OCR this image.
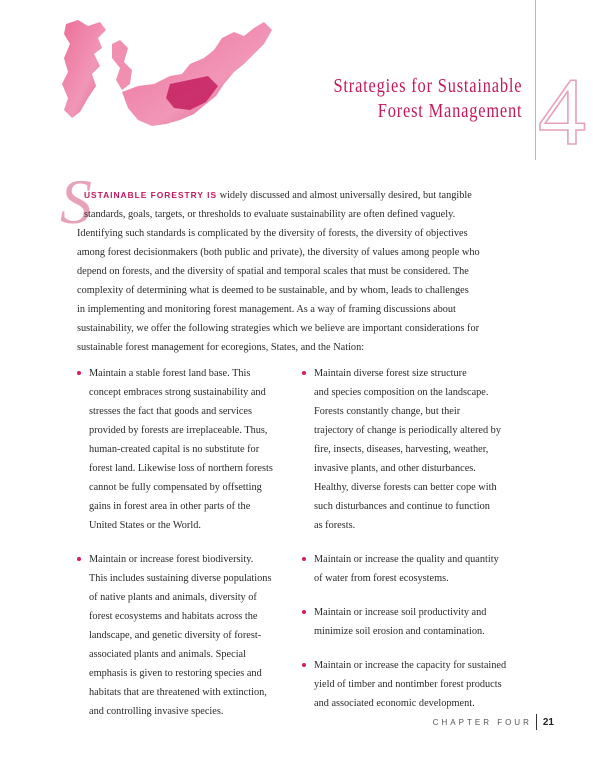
Strategies for Sustainable
Forest Management 4
S
USTAINABLE FORESTRY IS widely discussed and almost universally desired, but tangible
standards, goals, targets, or thresholds to evaluate sustainability are often defined vaguely.
Identifying such standards is complicated by the diversity of forests, the diversity of objectives
among forest decisionmakers (both public and private), the diversity of values among people who
depend on forests, and the diversity of spatial and temporal scales that must be considered. The
complexity of determining what is deemed to be sustainable, and by whom, leads to challenges
in implementing and monitoring forest management. As a way of framing discussions about
sustainability, we offer the following strategies which we believe are important considerations for
sustainable forest management for ecoregions, States, and the Nation:
Maintain a stable forest land base. This
concept embraces strong sustainability and
stresses the fact that goods and services
provided by forests are irreplaceable. Thus,
human-created capital is no substitute for
forest land. Likewise loss of northern forests
cannot be fully compensated by offsetting
gains in forest area in other parts of the
United States or the World.
Maintain or increase forest biodiversity.
This includes sustaining diverse populations
of native plants and animals, diversity of
forest ecosystems and habitats across the
landscape, and genetic diversity of forest-
associated plants and animals. Special
emphasis is given to restoring species and
habitats that are threatened with extinction,
and controlling invasive species.
Maintain diverse forest size structure
and species composition on the landscape.
Forests constantly change, but their
trajectory of change is periodically altered by
fire, insects, diseases, harvesting, weather,
invasive plants, and other disturbances.
Healthy, diverse forests can better cope with
such disturbances and continue to function
as forests.
Maintain or increase the quality and quantity
of water from forest ecosystems.
Maintain or increase soil productivity and
minimize soil erosion and contamination.
Maintain or increase the capacity for sustained
yield of timber and nontimber forest products
and associated economic development.
CHAPTER FOUR 21
